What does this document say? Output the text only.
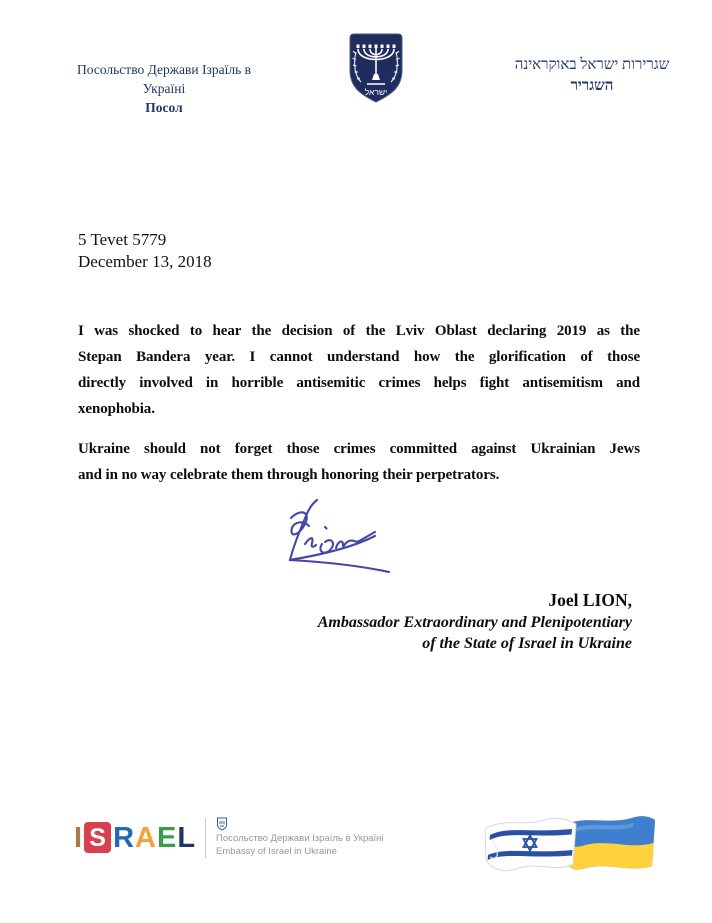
Посольство Держави Ізраїль в Україні
Посол
ישראל
שגרירות ישראל באוקראינה
השגריר
5 Tevet 5779
December 13, 2018
I was shocked to hear the decision of the Lviv Oblast declaring 2019 as the
Stepan Bandera year. I cannot understand how the glorification of those
directly involved in horrible antisemitic crimes helps fight antisemitism and
xenophobia.
Ukraine should not forget those crimes committed against Ukrainian Jews
and in no way celebrate them through honoring their perpetrators.
Joel LION,
Ambassador Extraordinary and Plenipotentiary
of the State of Israel in Ukraine
I S R A E L Посольство Держави Ізраїль в Україні
Embassy of Israel in Ukraine
